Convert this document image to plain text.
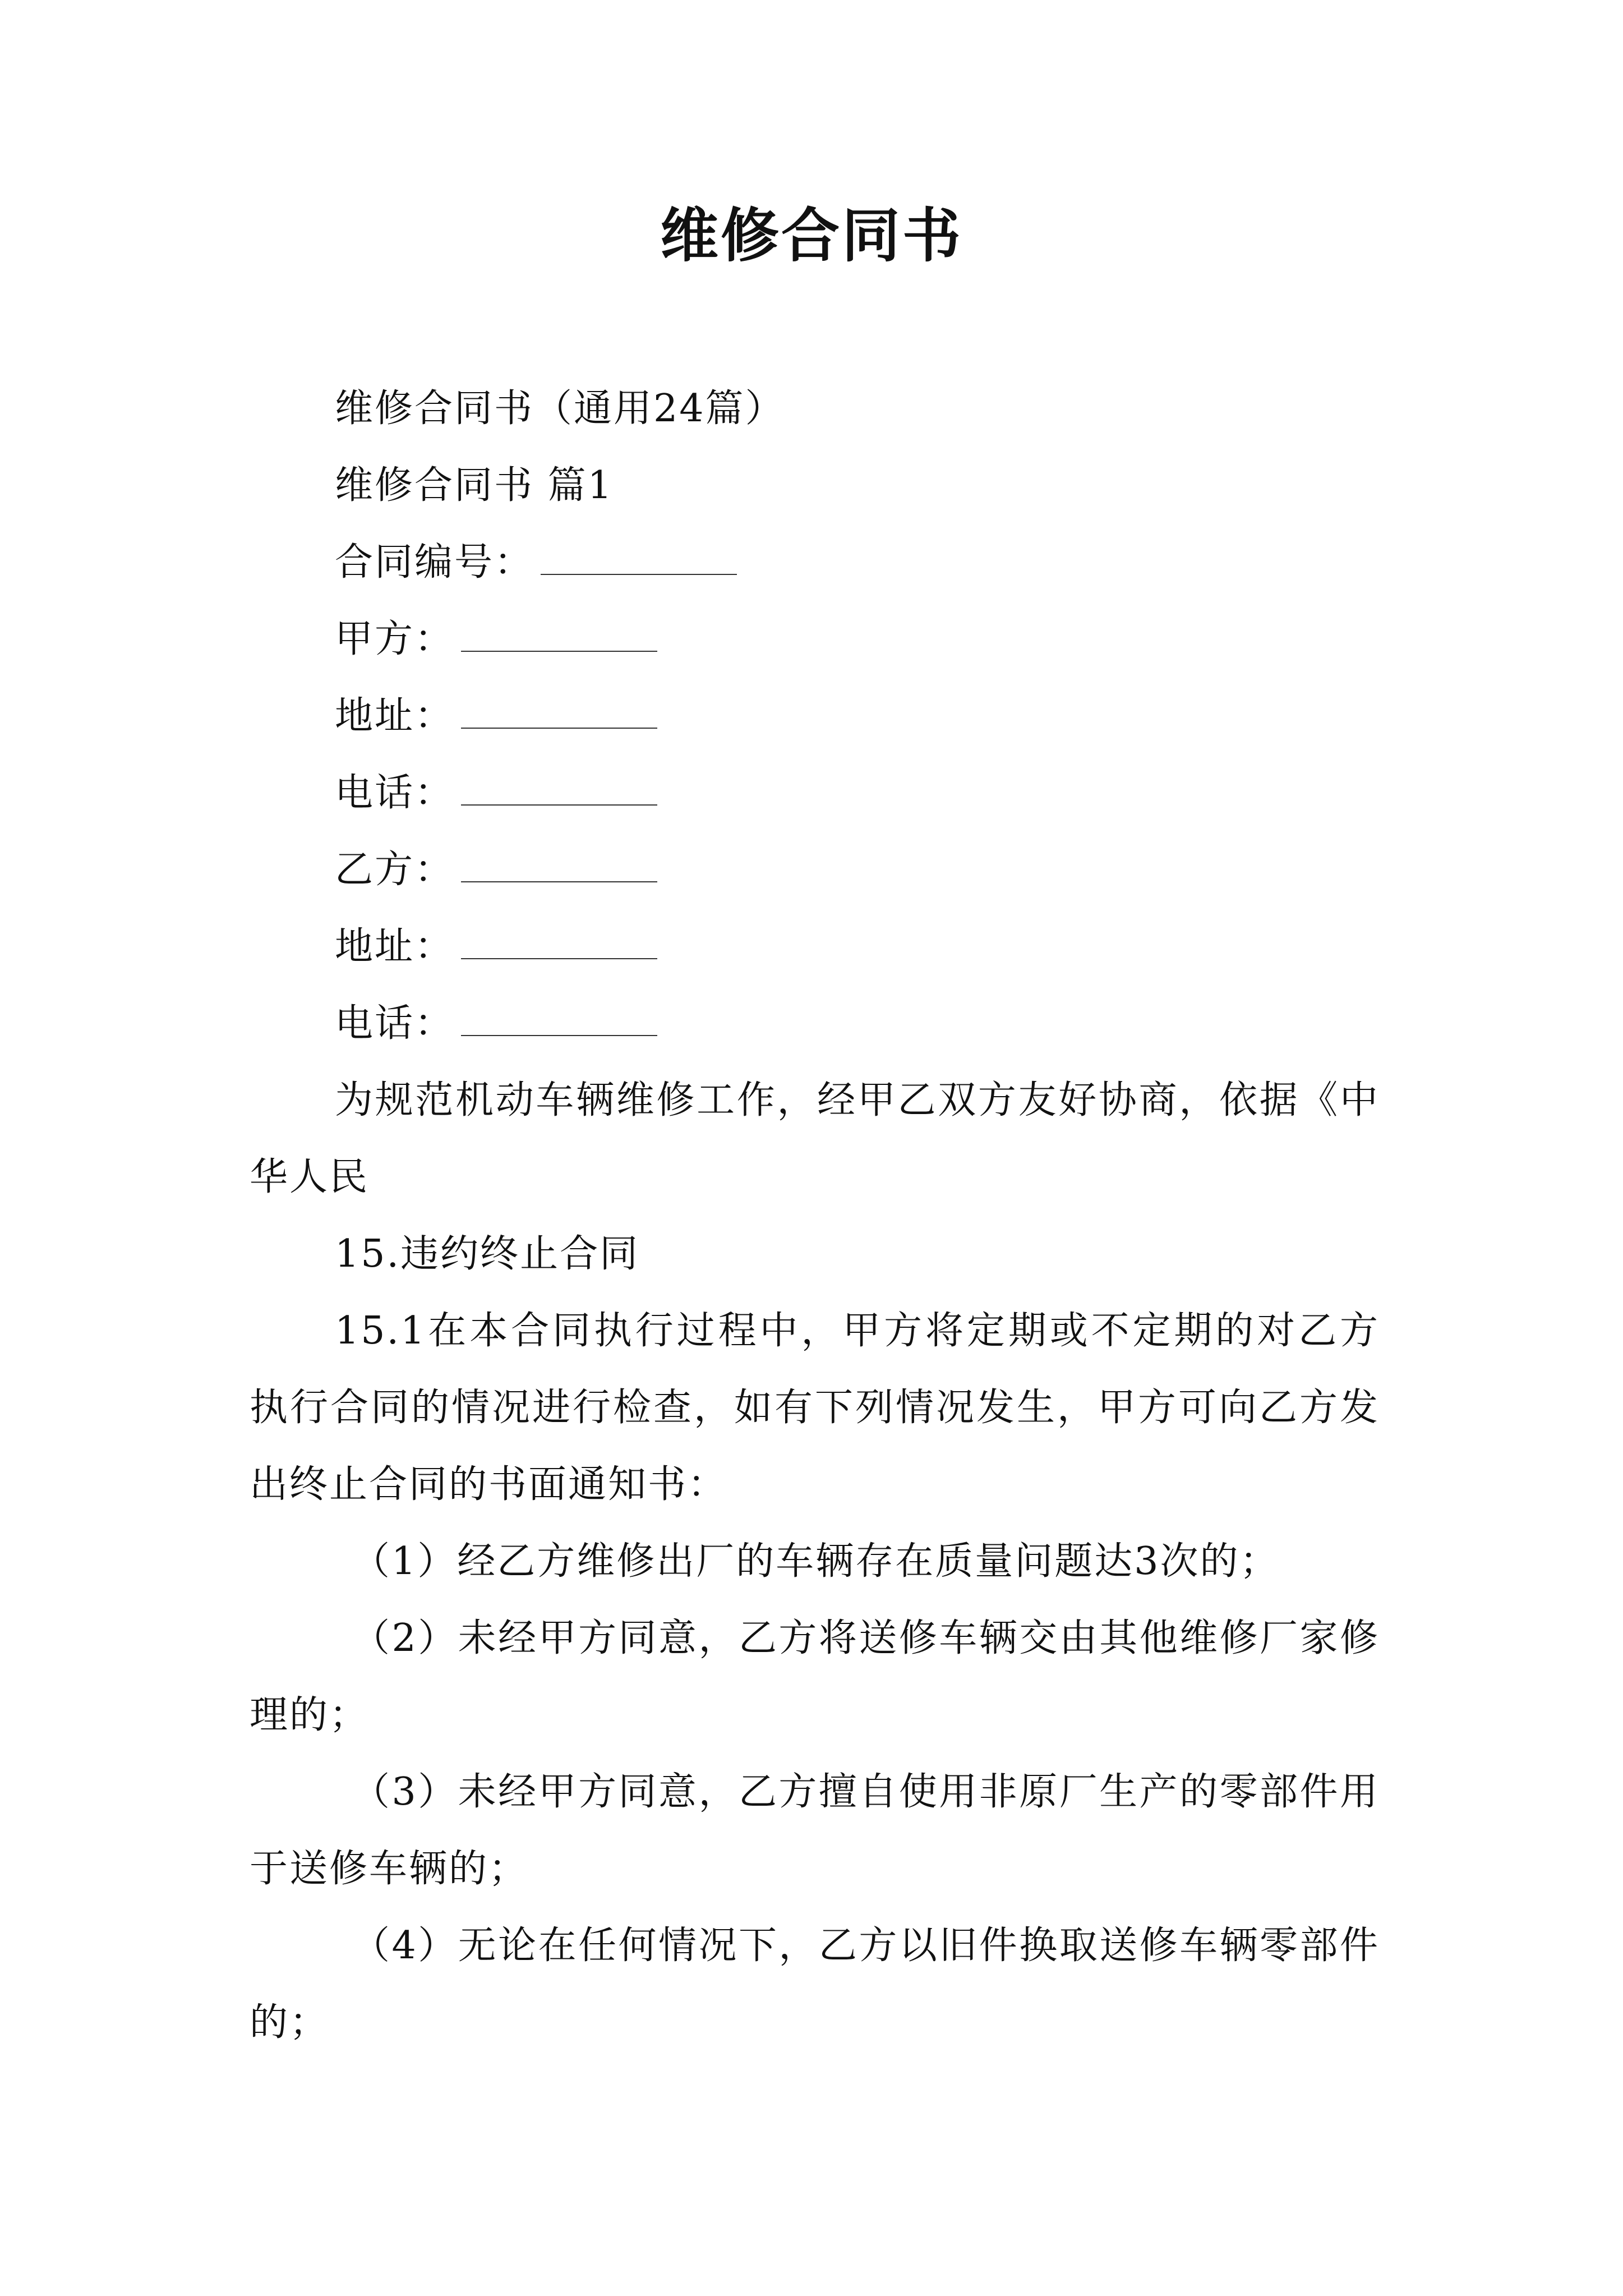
维修合同书

维修合同书（通用24篇）

维修合同书 篇1

合同编号：

甲方：

地址：

电话：

乙方：

地址：

电话：

为规范机动车辆维修工作，经甲乙双方友好协商，依据《中华人民

15.违约终止合同

15.1在本合同执行过程中，甲方将定期或不定期的对乙方执行合同的情况进行检查，如有下列情况发生，甲方可向乙方发出终止合同的书面通知书：

（1）经乙方维修出厂的车辆存在质量问题达3次的；

（2）未经甲方同意，乙方将送修车辆交由其他维修厂家修理的；

（3）未经甲方同意，乙方擅自使用非原厂生产的零部件用于送修车辆的；

（4）无论在任何情况下，乙方以旧件换取送修车辆零部件的；
